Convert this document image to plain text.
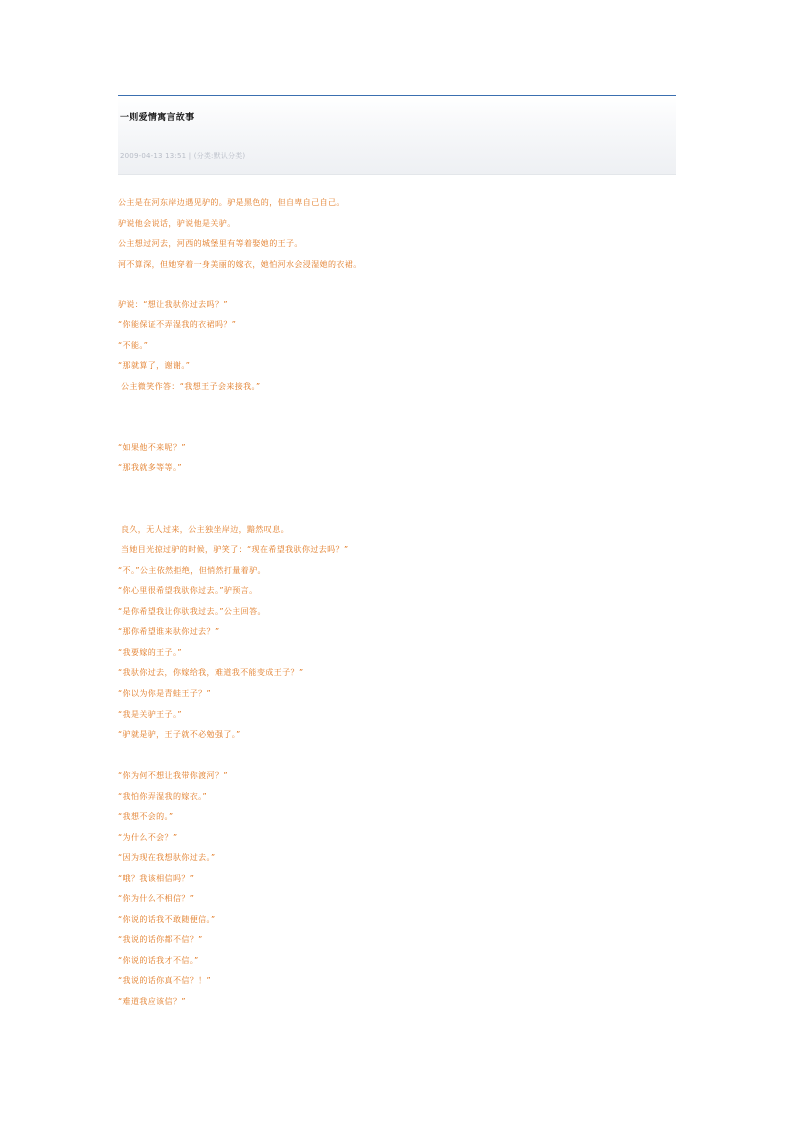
一则爱情寓言故事
2009-04-13 13:51 | (分类:默认分类)
公主是在河东岸边遇见驴的。驴是黑色的，但自卑自己自己。
驴说他会说话，驴说他是关驴。
公主想过河去，河西的城堡里有等着娶她的王子。
河不算深，但她穿着一身美丽的嫁衣，她怕河水会浸湿她的衣裙。
驴说：“想让我驮你过去吗？”
“你能保证不弄湿我的衣裙吗？”
“不能。”
“那就算了，谢谢。”
公主微笑作答：“我想王子会来接我。”
“如果他不来呢？”
“那我就多等等。”
良久，无人过来，公主独坐岸边，黯然叹息。
当她目光掠过驴的时候，驴笑了：“现在希望我驮你过去吗？”
“不。”公主依然拒绝，但悄然打量着驴。
“你心里很希望我驮你过去。”驴预言。
“是你希望我让你驮我过去。”公主回答。
“那你希望谁来驮你过去？”
“我要嫁的王子。”
“我驮你过去，你嫁给我，难道我不能变成王子？”
“你以为你是青蛙王子？”
“我是关驴王子。”
“驴就是驴，王子就不必勉强了。”
“你为何不想让我带你渡河？”
“我怕你弄湿我的嫁衣。”
“我想不会的。”
“为什么不会？”
“因为现在我想驮你过去。”
“哦？我该相信吗？”
“你为什么不相信？”
“你说的话我不敢随便信。”
“我说的话你都不信？”
“你说的话我才不信。”
“我说的话你真不信？！”
“难道我应该信？”
